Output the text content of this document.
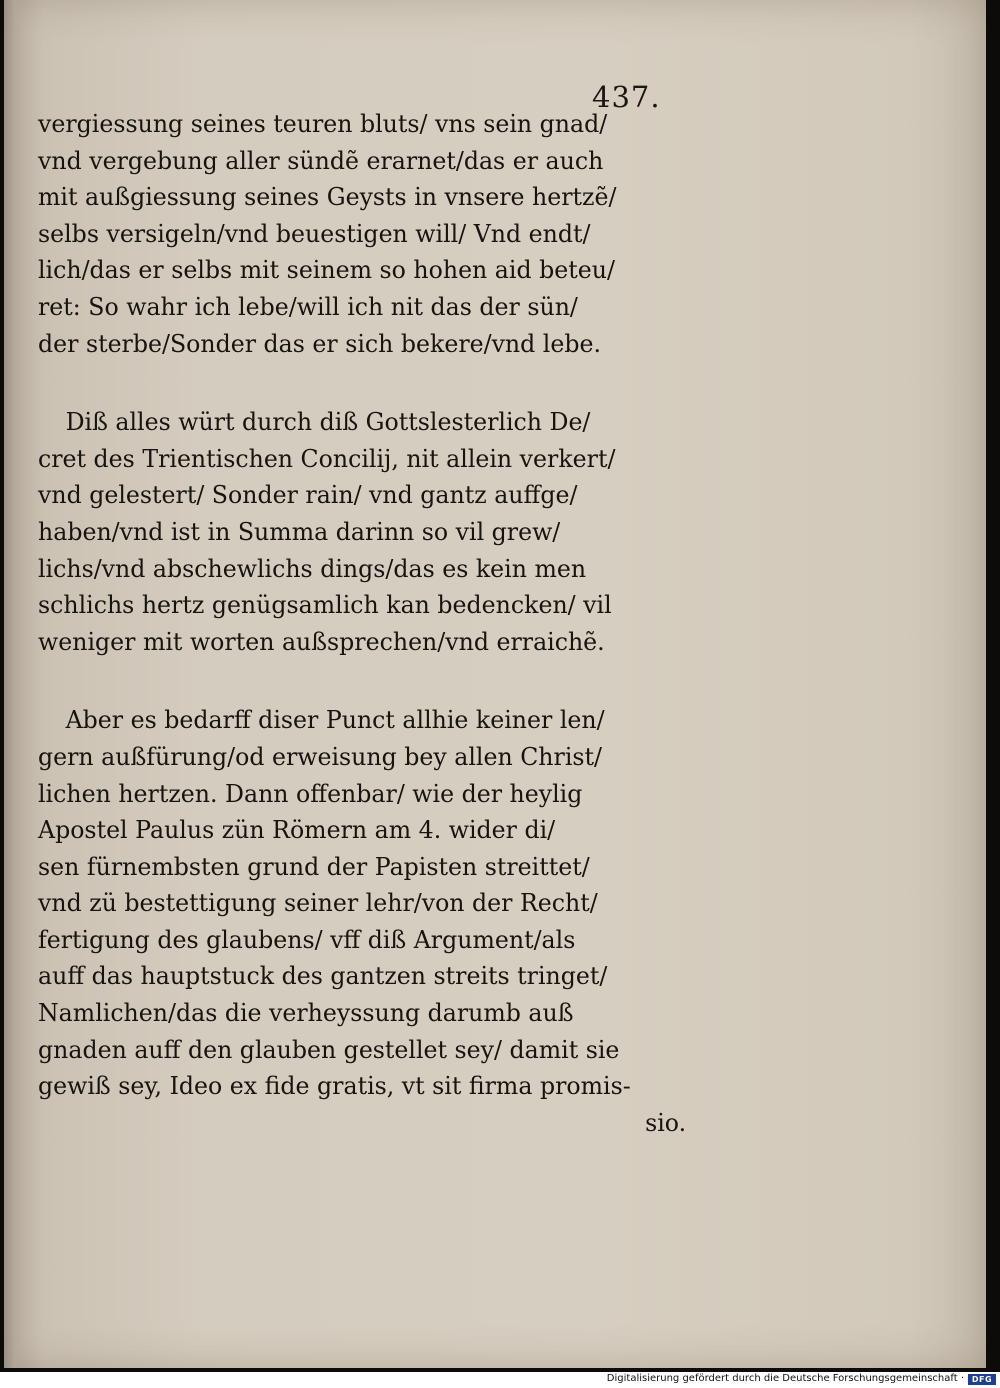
437.
vergiessung seines teuren bluts/ vns sein gnad/
vnd vergebung aller sündẽ erarnet/das er auch
mit außgiessung seines Geysts in vnsere hertzẽ/
selbs versigeln/vnd beuestigen will/ Vnd endt/
lich/das er selbs mit seinem so hohen aid beteu/
ret: So wahr ich lebe/will ich nit das der sün/
der sterbe/Sonder das er sich bekere/vnd lebe.
Diß alles würt durch diß Gottslesterlich De/
cret des Trientischen Concilij, nit allein verkert/
vnd gelestert/ Sonder rain/ vnd gantz auffge/
haben/vnd ist in Summa darinn so vil grew/
lichs/vnd abschewlichs dings/das es kein men
schlichs hertz genügsamlich kan bedencken/ vil
weniger mit worten außsprechen/vnd erraichẽ.
Aber es bedarff diser Punct allhie keiner len/
gern außfürung/od erweisung bey allen Christ/
lichen hertzen. Dann offenbar/ wie der heylig
Apostel Paulus zün Römern am 4. wider di/
sen fürnembsten grund der Papisten streittet/
vnd zü bestettigung seiner lehr/von der Recht/
fertigung des glaubens/ vff diß Argument/als
auff das hauptstuck des gantzen streits tringet/
Namlichen/das die verheyssung darumb auß
gnaden auff den glauben gestellet sey/ damit sie
gewiß sey, Ideo ex fide gratis, vt sit firma promis-
sio.
Digitalisierung gefördert durch die Deutsche Forschungsgemeinschaft · DFG
